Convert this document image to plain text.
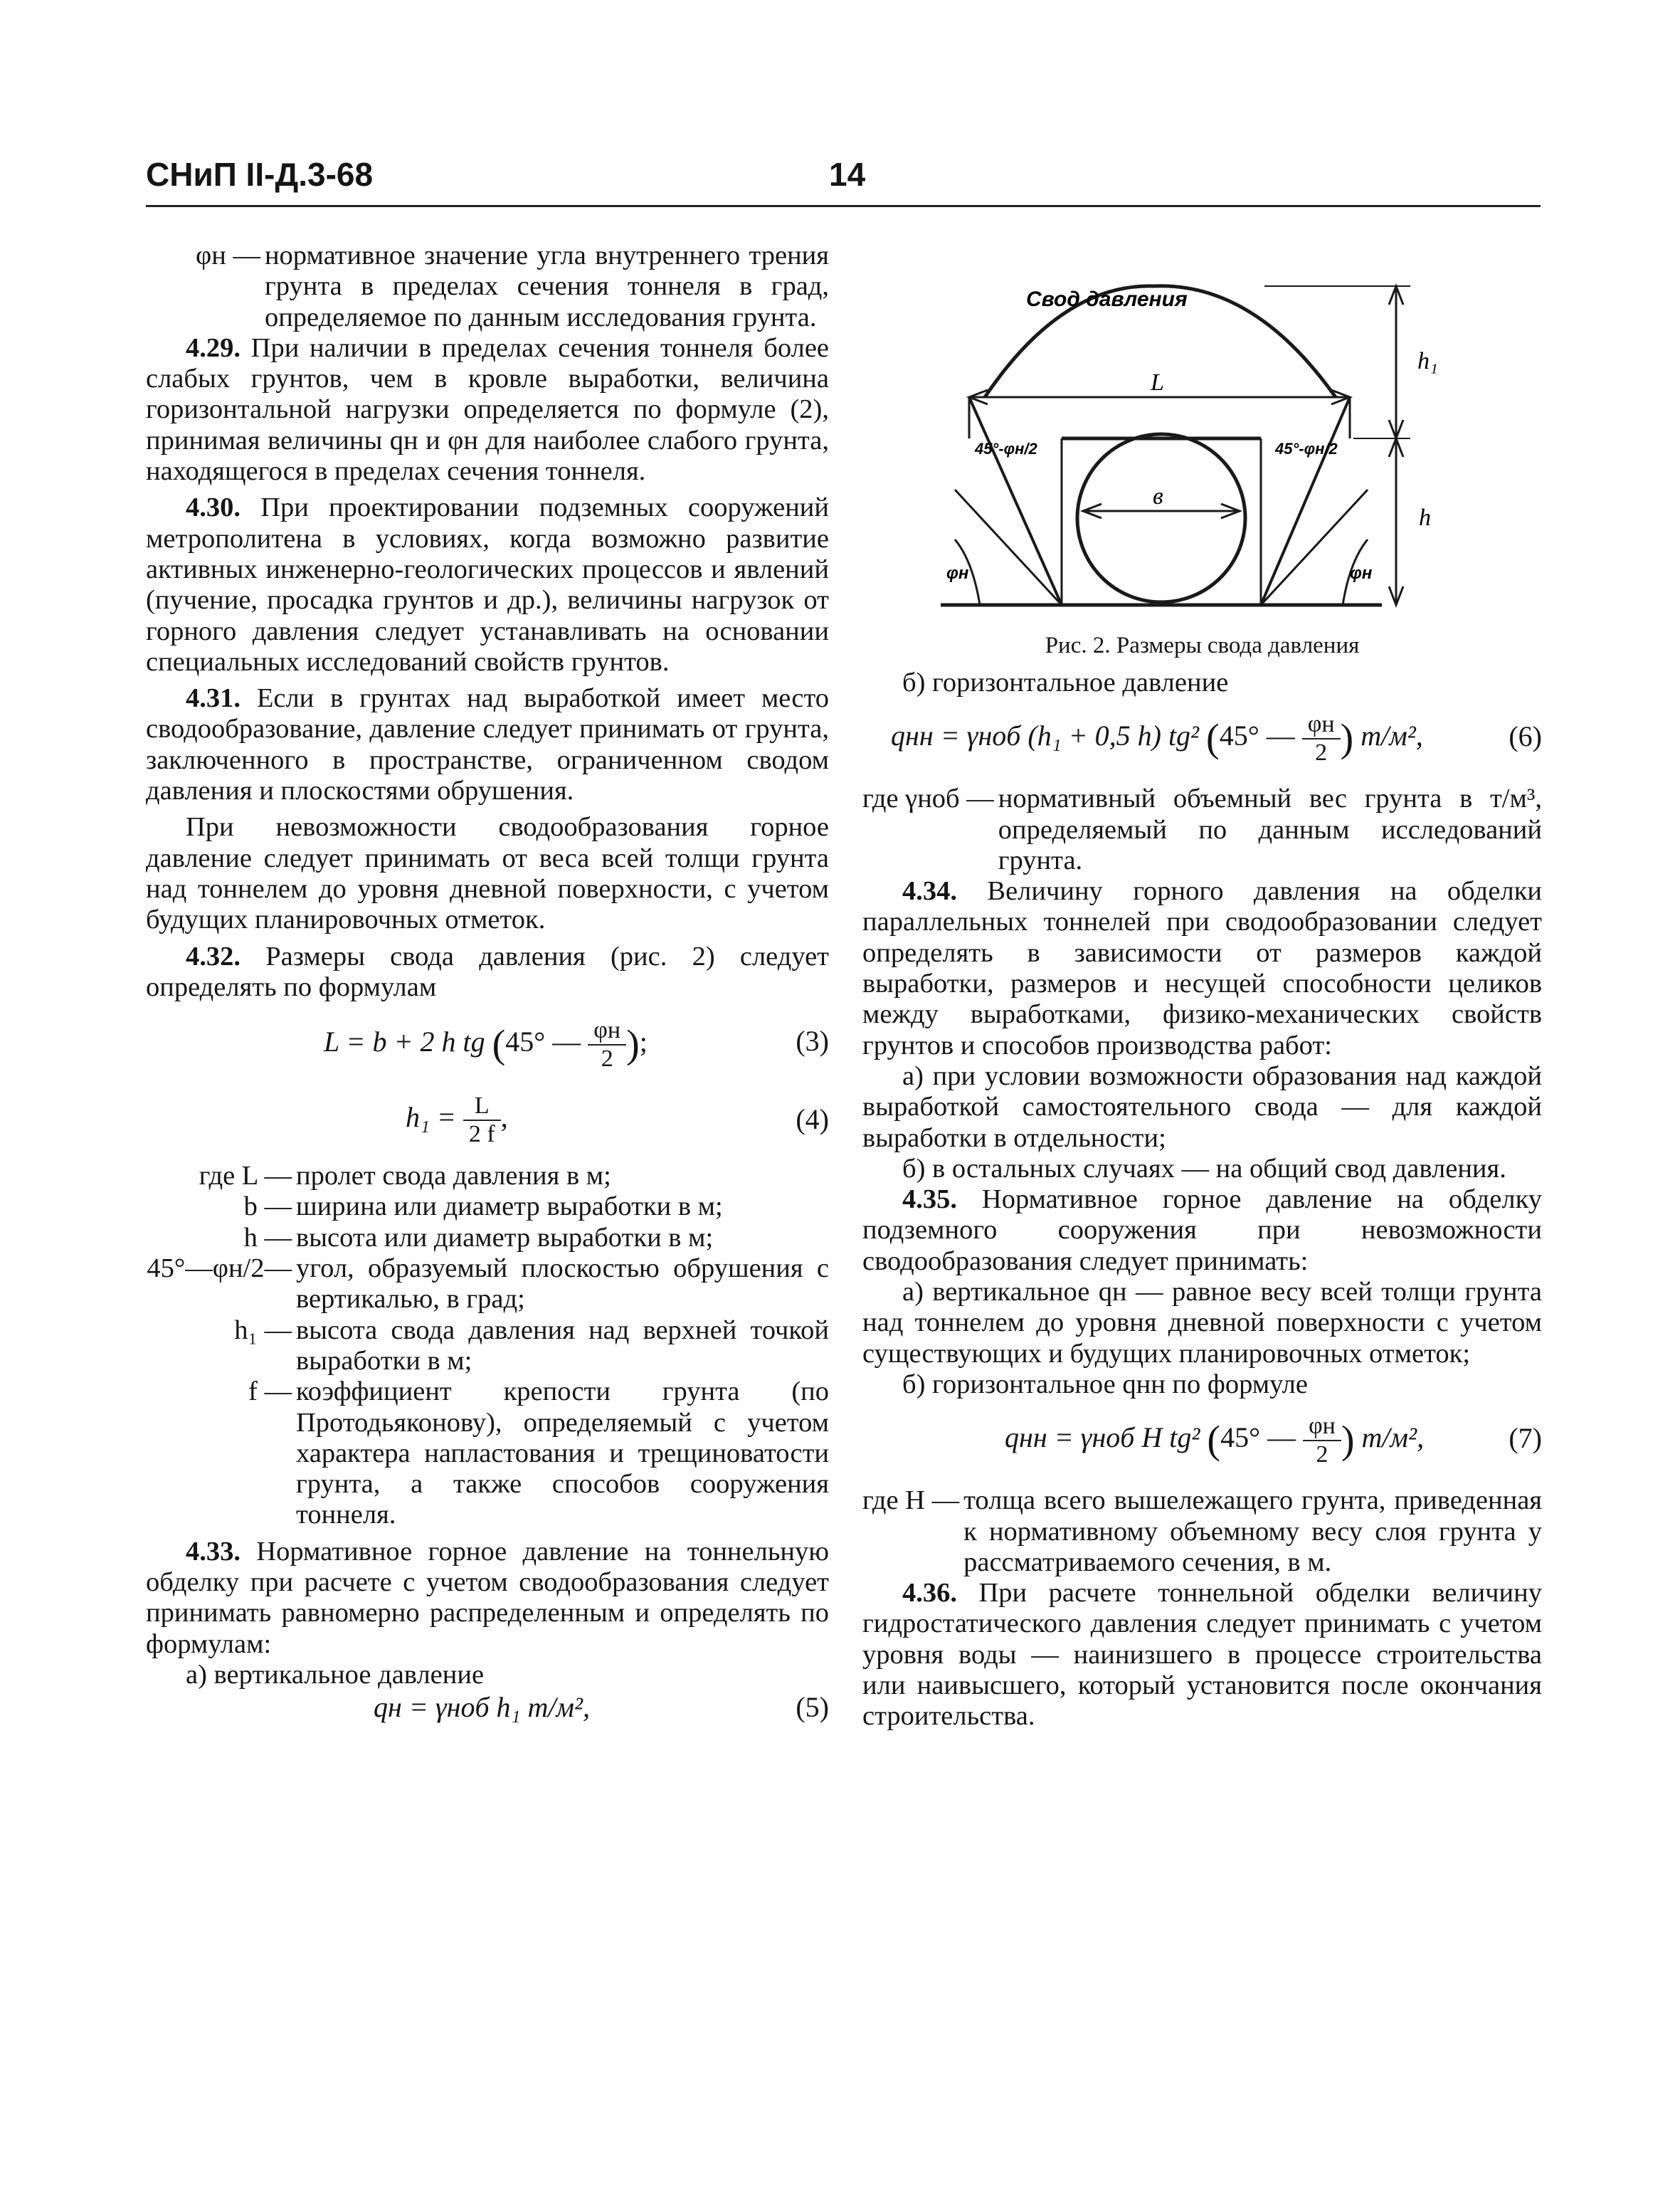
СНиП II-Д.3-68	14
φн — нормативное значение угла внутреннего трения грунта в пределах сечения тоннеля в град, определяемое по данным исследования грунта.

4.29. При наличии в пределах сечения тоннеля более слабых грунтов, чем в кровле выработки, величина горизонтальной нагрузки определяется по формуле (2), принимая величины qн и φн для наиболее слабого грунта, находящегося в пределах сечения тоннеля.

4.30. При проектировании подземных сооружений метрополитена в условиях, когда возможно развитие активных инженерно-геологических процессов и явлений (пучение, просадка грунтов и др.), величины нагрузок от горного давления следует устанавливать на основании специальных исследований свойств грунтов.

4.31. Если в грунтах над выработкой имеет место сводообразование, давление следует принимать от грунта, заключенного в пространстве, ограниченном сводом давления и плоскостями обрушения.

При невозможности сводообразования горное давление следует принимать от веса всей толщи грунта над тоннелем до уровня дневной поверхности, с учетом будущих планировочных отметок.

4.32. Размеры свода давления (рис. 2) следует определять по формулам

L = b + 2 h tg (45° — $\frac{\varphi н}{2}$ );	(3)
$h_1 = \frac{L}{2 f}$ ,	(4)
где L — пролет свода давления в м;
b — ширина или диаметр выработки в м;
h — высота или диаметр выработки в м;
45°—φн/2— угол, образуемый плоскостью обрушения с вертикалью, в град;
h₁ — высота свода давления над верхней точкой выработки в м;
f — коэффициент крепости грунта (по Протодьяконову), определяемый с учетом характера напластования и трещиноватости грунта, а также способов сооружения тоннеля.

4.33. Нормативное горное давление на тоннельную обделку при расчете с учетом сводообразования следует принимать равномерно распределенным и определять по формулам:

а) вертикальное давление

qн = γнoб h₁ т/м²,	(5)
Свод давления
L
в
h₁
h
45°-φн/2	45°-φн/2
φн	φн
Рис. 2. Размеры свода давления

б) горизонтальное давление

qнн = γнoб (h₁ + 0,5 h) tg² (45° — $\frac{\varphi н}{2}$ ) т/м²,	(6)
где γнoб — нормативный объемный вес грунта в т/м³, определяемый по данным исследований грунта.

4.34. Величину горного давления на обделки параллельных тоннелей при сводообразовании следует определять в зависимости от размеров каждой выработки, размеров и несущей способности целиков между выработками, физико-механических свойств грунтов и способов производства работ:

а) при условии возможности образования над каждой выработкой самостоятельного свода — для каждой выработки в отдельности;

б) в остальных случаях — на общий свод давления.

4.35. Нормативное горное давление на обделку подземного сооружения при невозможности сводообразования следует принимать:

а) вертикальное qн — равное весу всей толщи грунта над тоннелем до уровня дневной поверхности с учетом существующих и будущих планировочных отметок;

б) горизонтальное qнн по формуле

qнн = γнoб H tg² (45° — $\frac{\varphi н}{2}$ ) т/м²,	(7)
где H — толща всего вышележащего грунта, приведенная к нормативному объемному весу слоя грунта у рассматриваемого сечения, в м.

4.36. При расчете тоннельной обделки величину гидростатического давления следует принимать с учетом уровня воды — наинизшего в процессе строительства или наивысшего, который установится после окончания строительства.
